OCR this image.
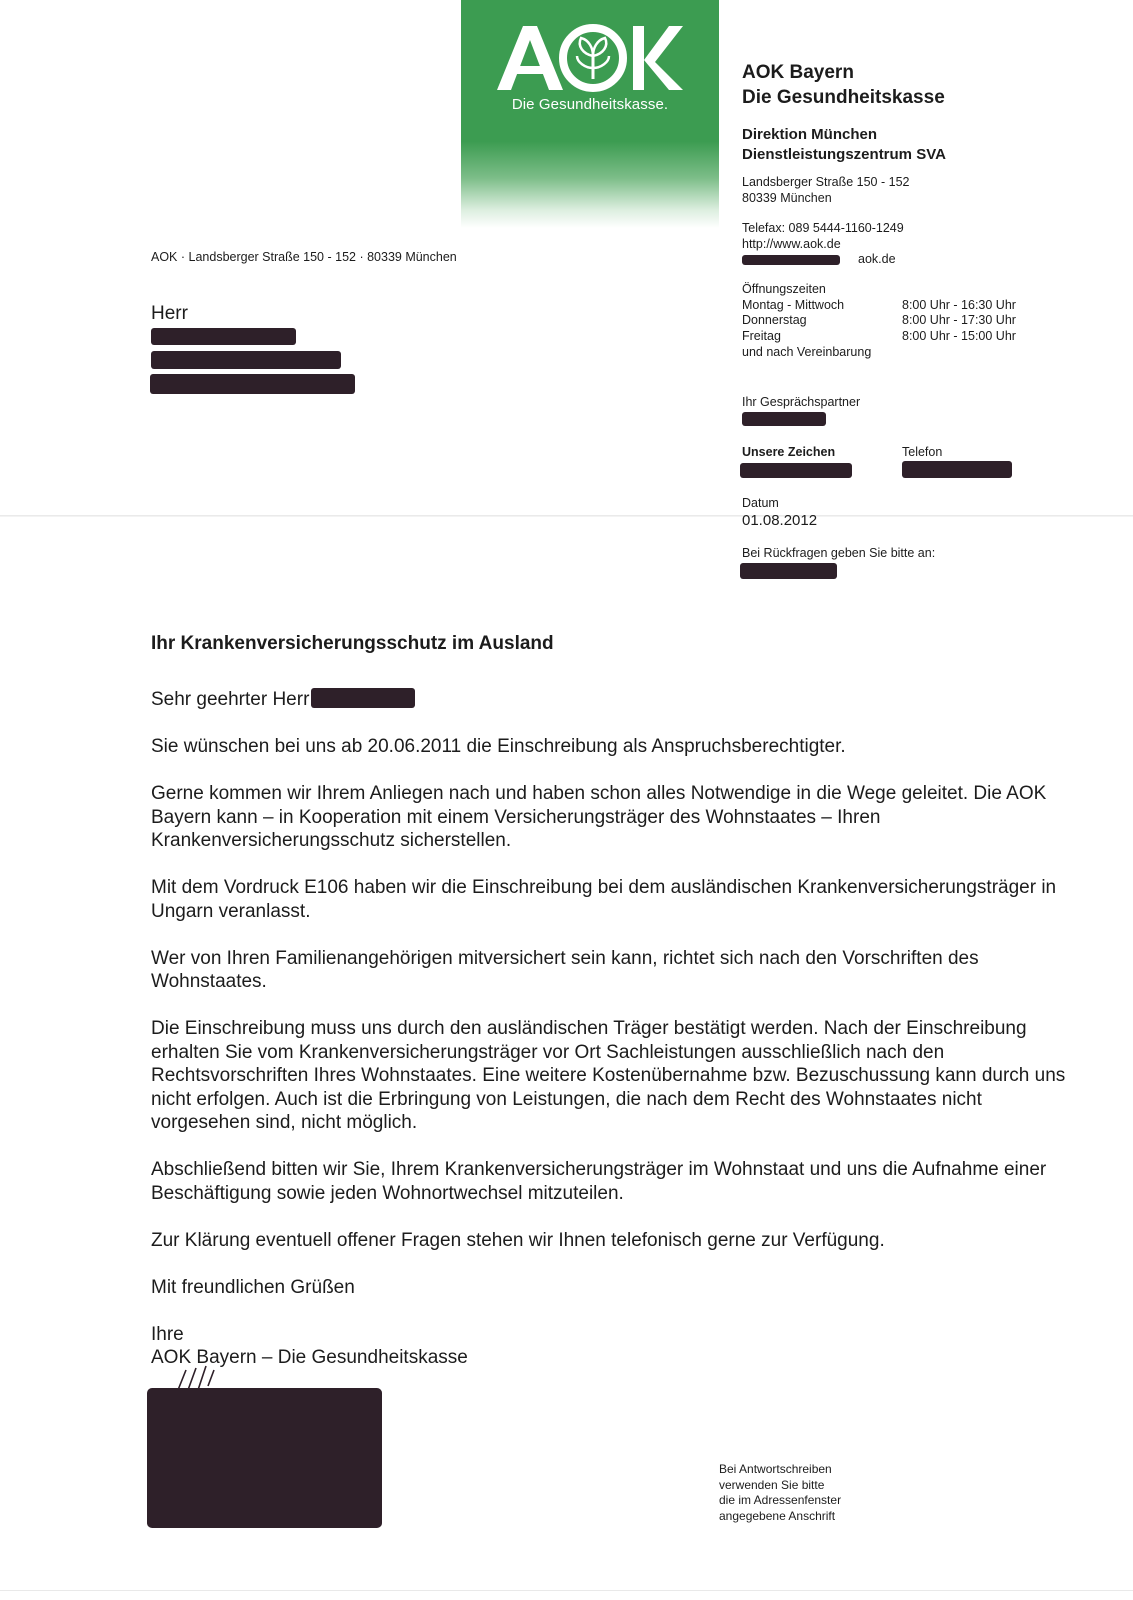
Die Gesundheitskasse.
AOK Bayern
Die Gesundheitskasse
Direktion München
Dienstleistungszentrum SVA
Landsberger Straße 150 - 152
80339 München
Telefax: 089 5444-1160-1249
http://www.aok.de
aok.de
Öffnungszeiten
Montag - Mittwoch	8:00 Uhr - 16:30 Uhr
Donnerstag	8:00 Uhr - 17:30 Uhr
Freitag	8:00 Uhr - 15:00 Uhr
und nach Vereinbarung
Ihr Gesprächspartner
Unsere Zeichen	Telefon
Datum
01.08.2012
Bei Rückfragen geben Sie bitte an:
AOK · Landsberger Straße 150 - 152 · 80339 München
Herr
Ihr Krankenversicherungsschutz im Ausland

Sehr geehrter Herr

Sie wünschen bei uns ab 20.06.2011 die Einschreibung als Anspruchsberechtigter.

Gerne kommen wir Ihrem Anliegen nach und haben schon alles Notwendige in die Wege geleitet. Die AOK Bayern kann – in Kooperation mit einem Versicherungsträger des Wohnstaates – Ihren Krankenversicherungsschutz sicherstellen.

Mit dem Vordruck E106 haben wir die Einschreibung bei dem ausländischen Krankenversicherungsträger in Ungarn veranlasst.

Wer von Ihren Familienangehörigen mitversichert sein kann, richtet sich nach den Vorschriften des Wohnstaates.

Die Einschreibung muss uns durch den ausländischen Träger bestätigt werden. Nach der Einschreibung erhalten Sie vom Krankenversicherungsträger vor Ort Sachleistungen ausschließlich nach den Rechtsvorschriften Ihres Wohnstaates. Eine weitere Kostenübernahme bzw. Bezuschussung kann durch uns nicht erfolgen. Auch ist die Erbringung von Leistungen, die nach dem Recht des Wohnstaates nicht vorgesehen sind, nicht möglich.

Abschließend bitten wir Sie, Ihrem Krankenversicherungsträger im Wohnstaat und uns die Aufnahme einer Beschäftigung sowie jeden Wohnortwechsel mitzuteilen.

Zur Klärung eventuell offener Fragen stehen wir Ihnen telefonisch gerne zur Verfügung.

Mit freundlichen Grüßen

Ihre
AOK Bayern – Die Gesundheitskasse
Bei Antwortschreiben
verwenden Sie bitte
die im Adressenfenster
angegebene Anschrift
